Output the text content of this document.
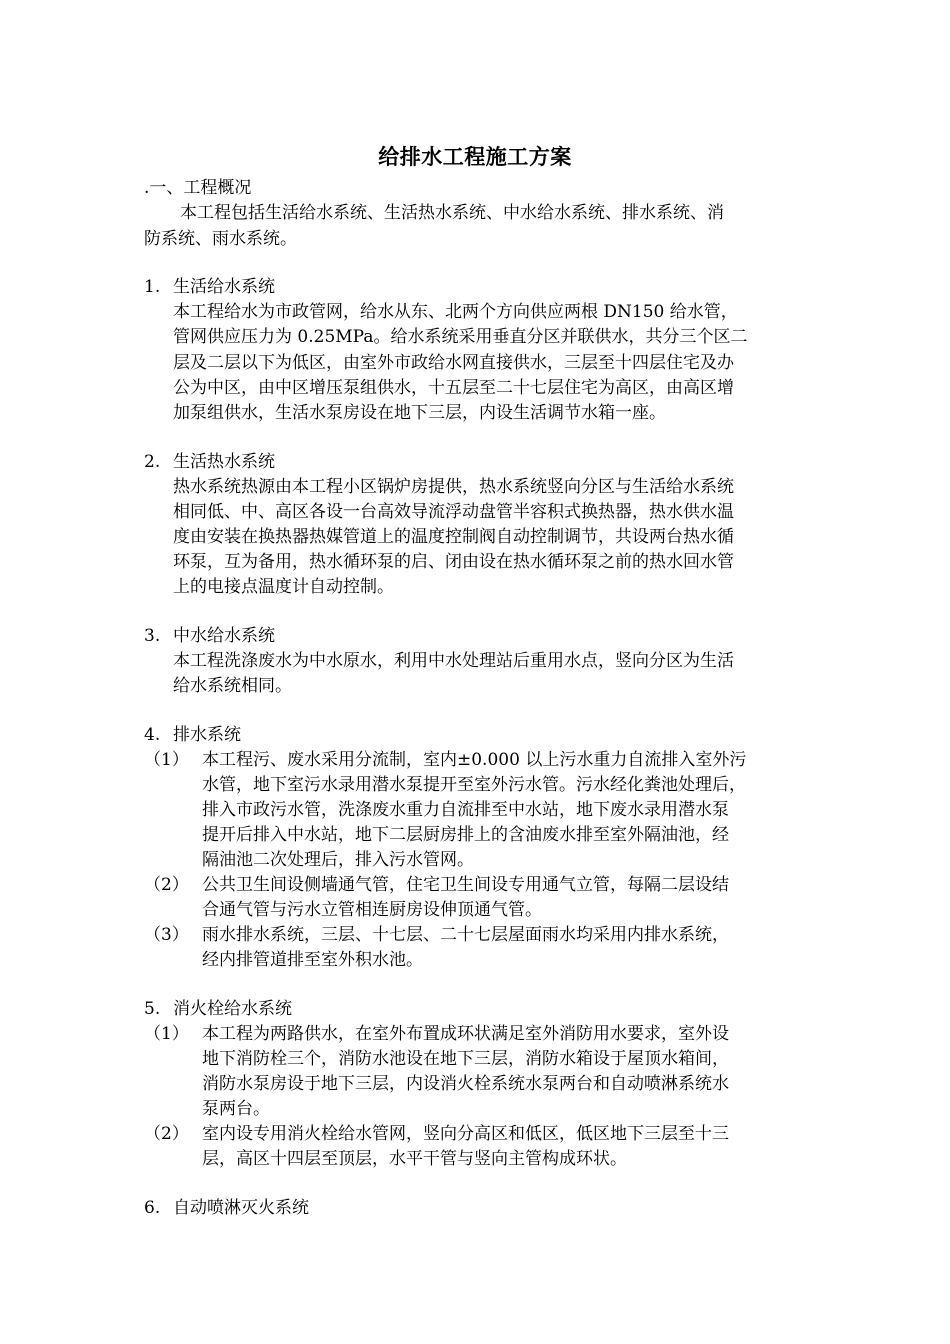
给排水工程施工方案
.一、工程概况
本工程包括生活给水系统、生活热水系统、中水给水系统、排水系统、消
防系统、雨水系统。
1. 生活给水系统
本工程给水为市政管网，给水从东、北两个方向供应两根 DN150 给水管，
管网供应压力为 0.25MPa。给水系统采用垂直分区并联供水，共分三个区二
层及二层以下为低区，由室外市政给水网直接供水，三层至十四层住宅及办
公为中区，由中区增压泵组供水，十五层至二十七层住宅为高区，由高区增
加泵组供水，生活水泵房设在地下三层，内设生活调节水箱一座。
2. 生活热水系统
热水系统热源由本工程小区锅炉房提供，热水系统竖向分区与生活给水系统
相同低、中、高区各设一台高效导流浮动盘管半容积式换热器，热水供水温
度由安装在换热器热媒管道上的温度控制阀自动控制调节，共设两台热水循
环泵，互为备用，热水循环泵的启、闭由设在热水循环泵之前的热水回水管
上的电接点温度计自动控制。
3. 中水给水系统
本工程洗涤废水为中水原水，利用中水处理站后重用水点，竖向分区为生活
给水系统相同。
4. 排水系统
（1） 本工程污、废水采用分流制，室内±0.000 以上污水重力自流排入室外污
水管，地下室污水录用潜水泵提开至室外污水管。污水经化粪池处理后，
排入市政污水管，洗涤废水重力自流排至中水站，地下废水录用潜水泵
提开后排入中水站，地下二层厨房排上的含油废水排至室外隔油池，经
隔油池二次处理后，排入污水管网。
（2） 公共卫生间设侧墙通气管，住宅卫生间设专用通气立管，每隔二层设结
合通气管与污水立管相连厨房设伸顶通气管。
（3） 雨水排水系统，三层、十七层、二十七层屋面雨水均采用内排水系统，
经内排管道排至室外积水池。
5. 消火栓给水系统
（1） 本工程为两路供水，在室外布置成环状满足室外消防用水要求，室外设
地下消防栓三个，消防水池设在地下三层，消防水箱设于屋顶水箱间，
消防水泵房设于地下三层，内设消火栓系统水泵两台和自动喷淋系统水
泵两台。
（2） 室内设专用消火栓给水管网，竖向分高区和低区，低区地下三层至十三
层，高区十四层至顶层，水平干管与竖向主管构成环状。
6. 自动喷淋灭火系统
